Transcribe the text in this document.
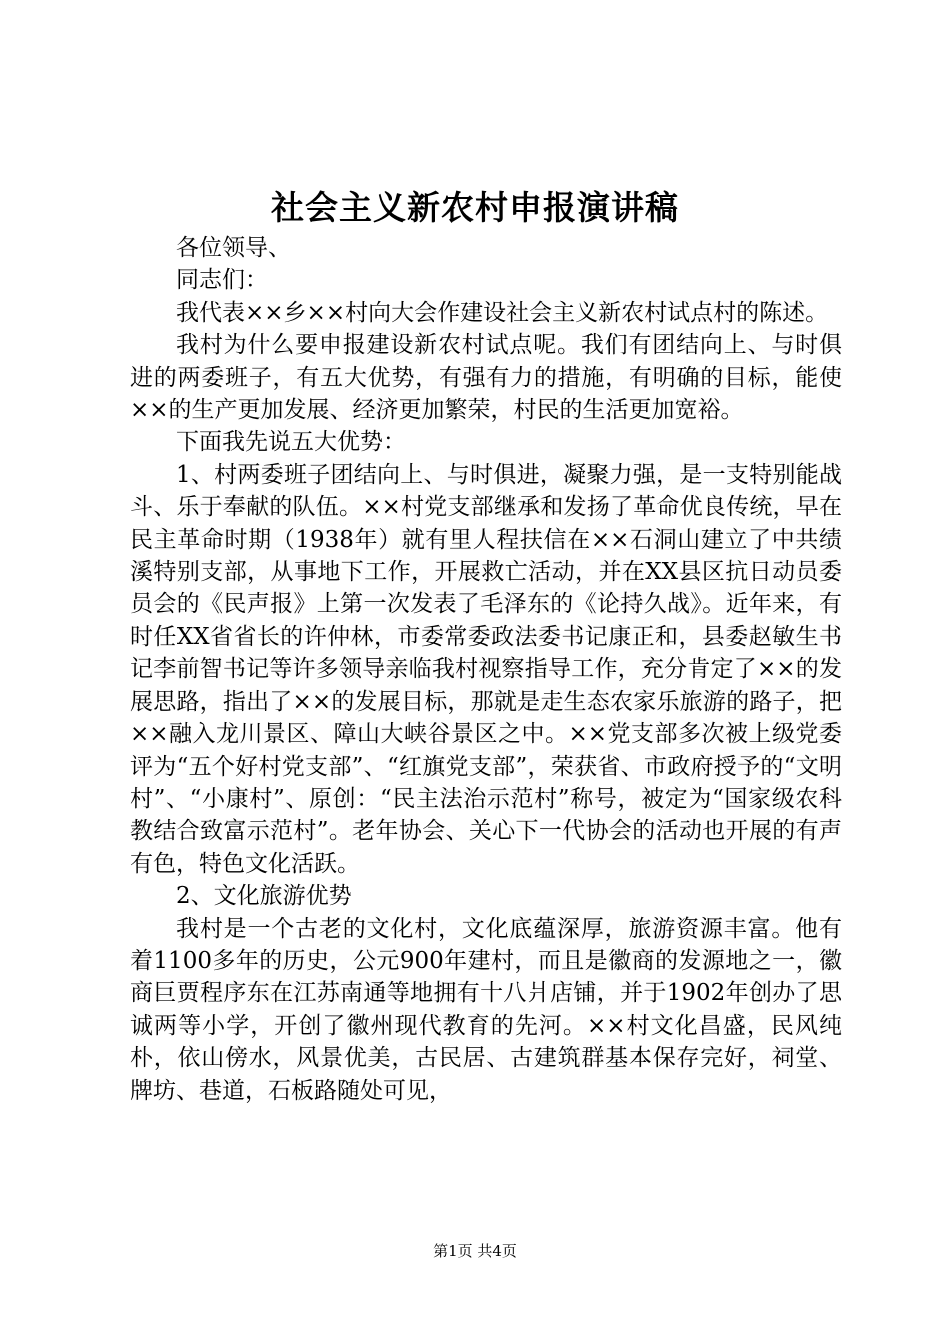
社会主义新农村申报演讲稿

各位领导、

同志们：

我代表××乡××村向大会作建设社会主义新农村试点村的陈述。

我村为什么要申报建设新农村试点呢。我们有团结向上、与时俱进的两委班子，有五大优势，有强有力的措施，有明确的目标，能使××的生产更加发展、经济更加繁荣，村民的生活更加宽裕。

下面我先说五大优势：

1、村两委班子团结向上、与时俱进，凝聚力强，是一支特别能战斗、乐于奉献的队伍。××村党支部继承和发扬了革命优良传统，早在民主革命时期（1938年）就有里人程扶信在××石洞山建立了中共绩溪特别支部，从事地下工作，开展救亡活动，并在XX县区抗日动员委员会的《民声报》上第一次发表了毛泽东的《论持久战》。近年来，有时任XX省省长的许仲林，市委常委政法委书记康正和，县委赵敏生书记李前智书记等许多领导亲临我村视察指导工作，充分肯定了××的发展思路，指出了××的发展目标，那就是走生态农家乐旅游的路子，把××融入龙川景区、障山大峡谷景区之中。××党支部多次被上级党委评为“五个好村党支部”、“红旗党支部”，荣获省、市政府授予的“文明村”、“小康村”、原创：“民主法治示范村”称号，被定为“国家级农科教结合致富示范村”。老年协会、关心下一代协会的活动也开展的有声有色，特色文化活跃。

2、文化旅游优势

我村是一个古老的文化村，文化底蕴深厚，旅游资源丰富。他有着1100多年的历史，公元900年建村，而且是徽商的发源地之一，徽商巨贾程序东在江苏南通等地拥有十八爿店铺，并于1902年创办了思诚两等小学，开创了徽州现代教育的先河。××村文化昌盛，民风纯朴，依山傍水，风景优美，古民居、古建筑群基本保存完好，祠堂、牌坊、巷道，石板路随处可见，

第1页 共4页
